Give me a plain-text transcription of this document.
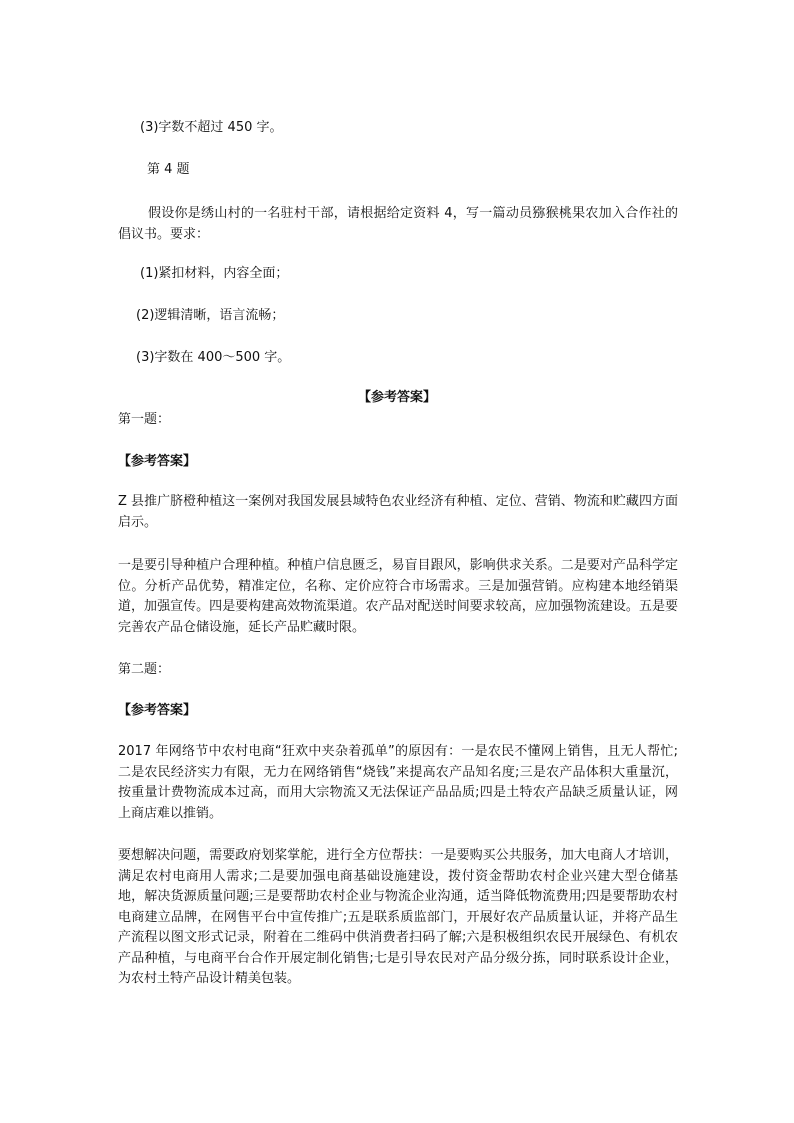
(3)字数不超过 450 字。

第 4 题

假设你是绣山村的一名驻村干部，请根据给定资料 4，写一篇动员猕猴桃果农加入合作社的倡议书。要求：

(1)紧扣材料，内容全面；

(2)逻辑清晰，语言流畅；

(3)字数在 400～500 字。

【参考答案】

第一题：

【参考答案】

Z 县推广脐橙种植这一案例对我国发展县域特色农业经济有种植、定位、营销、物流和贮藏四方面启示。

一是要引导种植户合理种植。种植户信息匮乏，易盲目跟风，影响供求关系。二是要对产品科学定位。分析产品优势，精准定位，名称、定价应符合市场需求。三是加强营销。应构建本地经销渠道，加强宣传。四是要构建高效物流渠道。农产品对配送时间要求较高，应加强物流建设。五是要完善农产品仓储设施，延长产品贮藏时限。

第二题：

【参考答案】

2017 年网络节中农村电商“狂欢中夹杂着孤单”的原因有：一是农民不懂网上销售，且无人帮忙;二是农民经济实力有限，无力在网络销售“烧钱”来提高农产品知名度;三是农产品体积大重量沉，按重量计费物流成本过高，而用大宗物流又无法保证产品品质;四是土特农产品缺乏质量认证，网上商店难以推销。

要想解决问题，需要政府划桨掌舵，进行全方位帮扶：一是要购买公共服务，加大电商人才培训，满足农村电商用人需求;二是要加强电商基础设施建设，拨付资金帮助农村企业兴建大型仓储基地，解决货源质量问题;三是要帮助农村企业与物流企业沟通，适当降低物流费用;四是要帮助农村电商建立品牌，在网售平台中宣传推广;五是联系质监部门，开展好农产品质量认证，并将产品生产流程以图文形式记录，附着在二维码中供消费者扫码了解;六是积极组织农民开展绿色、有机农产品种植，与电商平台合作开展定制化销售;七是引导农民对产品分级分拣，同时联系设计企业，为农村土特产品设计精美包装。
